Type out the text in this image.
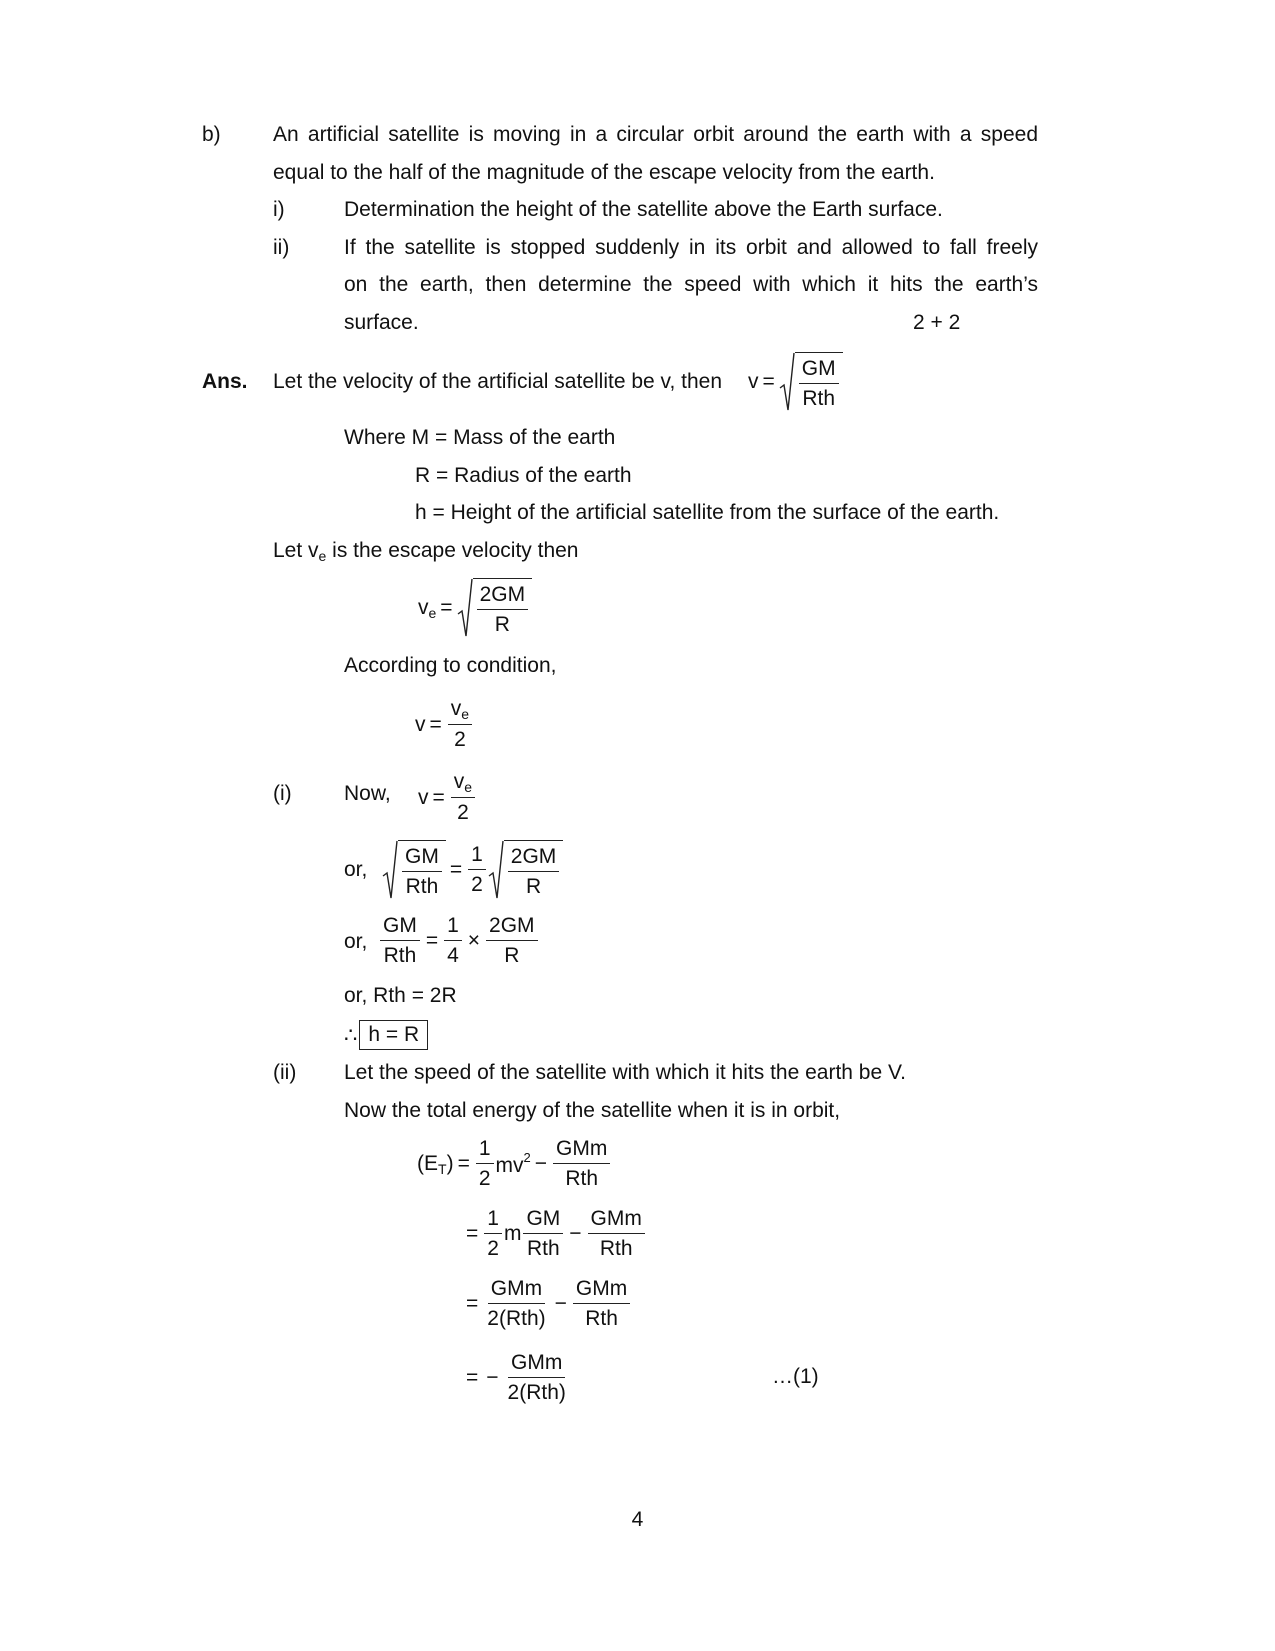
b) An artificial satellite is moving in a circular orbit around the earth with a speed
equal to the half of the magnitude of the escape velocity from the earth.
i)	Determination the height of the satellite above the Earth surface.
ii)	If the satellite is stopped suddenly in its orbit and allowed to fall freely
on the earth, then determine the speed with which it hits the earth’s
surface.	2 + 2
Ans. Let the velocity of the artificial satellite be v, then $v = \frac{GM}{\text{Rth}}$
Where M = Mass of the earth
R = Radius of the earth
h = Height of the artificial satellite from the surface of the earth.
Let $v_e$ is the escape velocity then
$v_e = \frac{2GM}{R}$
According to condition,
$v = \frac{v_e}{2}$
(i) Now, $v = \frac{v_e}{2}$
or, $\frac{GM}{\text{Rth}} = \frac{1}{2} \frac{2GM}{R}$
or, $\frac{GM}{\text{Rth}} = \frac{1}{4} \times \frac{2GM}{R}$
or, Rth = 2R
∴ h = R
(ii) Let the speed of the satellite with which it hits the earth be V.
Now the total energy of the satellite when it is in orbit,
$(E_T) = \frac{1}{2} mv^2 - \frac{\text{GMm}}{\text{Rth}}$
= $\frac{1}{2}$ m $\frac{GM}{\text{Rth}} - \frac{\text{GMm}}{\text{Rth}}$
= $\frac{\text{GMm}}{\text{2(Rth)}} - \frac{\text{GMm}}{\text{Rth}}$
= − $\frac{\text{GMm}}{\text{2(Rth)}}$	…(1)
4
